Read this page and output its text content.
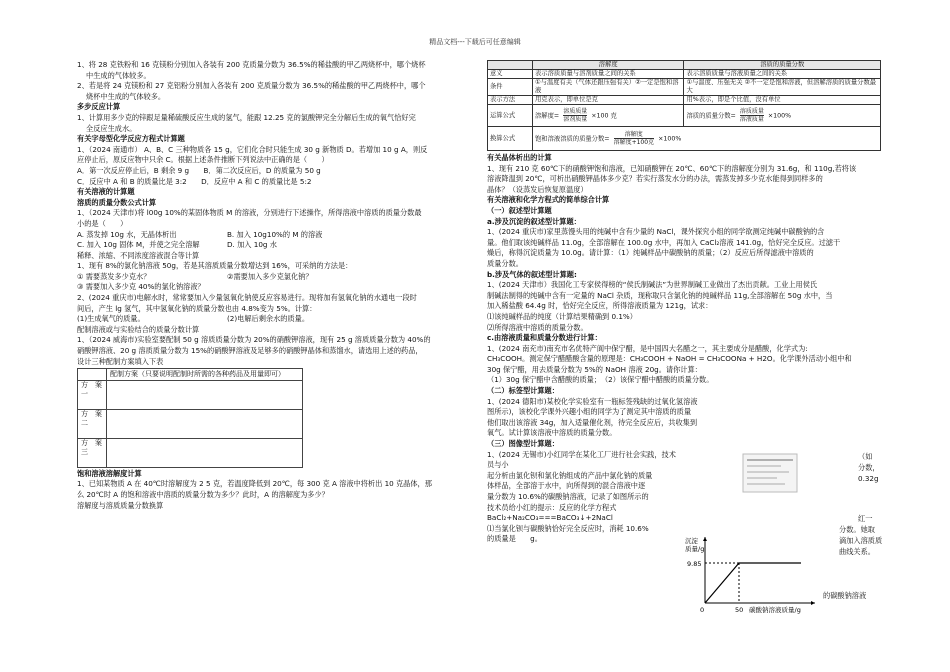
精品文档---下载后可任意编辑

1、将 28 克铁粉和 16 克镁粉分别加入各装有 200 克质量分数为 36.5%的稀盐酸的甲乙两烧杯中，哪个烧杯

中生成的气体较多。

2、若是将 24 克镁粉和 27 克铝粉分别加入各装有 200 克质量分数为 36.5%的稀盐酸的甲乙两烧杯中，哪个

烧杯中生成的气体较多。

多步反应计算

1、计算用多少克的锌跟足量稀硫酸反应生成的氢气，能跟 12.25 克的氯酸钾完全分解后生成的氧气恰好完

全反应生成水。

有关字母型化学反应方程式计算题

1、（2024 南通市） A、B、C 三种物质各 15 g，它们化合时只能生成 30 g 新物质 D。若增加 10 g A，则反

应停止后，原反应物中只余 C。根据上述条件推断下列说法中正确的是（　　）

A．第一次反应停止后，B 剩余 9 g　　B．第二次反应后，D 的质量为 50 g

C．反应中 A 和 B 的质量比是 3:2　　D．反应中 A 和 C 的质量比是 5:2

有关溶液的计算题

溶质的质量分数公式计算

1、（2024 天津市)将 l00g 10%的某固体物质 M 的溶液，分别进行下述操作，所得溶液中溶质的质量分数最

小的是（　　）

A. 蒸发掉 10g 水，无晶体析出	B. 加入 10g10%的 M 的溶液
C. 加入 10g 固体 M，并使之完全溶解	D. 加入 10g 水

稀释、浓缩、不同浓度溶液混合等计算

1、现有 8%的氯化钠溶液 50g，若是其溶质质量分数增达到 16%，可采纳的方法是：

① 需要蒸发多少克水？	②需要加入多少克氯化钠？

③ 需要加入多少克 40%的氯化钠溶液？

2、(2024 重庆市)电解水时，常常要加入少量氢氧化钠使反应容易进行。现将加有氢氧化钠的水通电一段时

间后，产生 lg 氢气，其中氢氧化钠的质量分数也由 4.8%变为 5%。计算：

(1)生成氧气的质量。	(2)电解后剩余水的质量。

配制溶液或与实验结合的质量分数计算

1、（2024 威海市)实验室要配制 50 g 溶质质量分数为 20%的硝酸钾溶液，现有 25 g 溶质质量分数为 40%的

硝酸钾溶液、20 g 溶质质量分数为 15%的硝酸钾溶液及足够多的硝酸钾晶体和蒸馏水，请选用上述的药品，

设计三种配制方案填入下表

	配制方案（只要说明配制时所需的各种药品及用量即可）
方　案　一	
方　案　二	
方　案　三	

饱和溶液溶解度计算

1、已知某物质 A 在 40℃时溶解度为 2 5 克，若温度降低到 20℃，每 300 克 A 溶液中将析出 10 克晶体，那

么 20℃时 A 的饱和溶液中溶质的质量分数为多少？此时，A 的溶解度为多少？

溶解度与溶质质量分数换算

	溶解度	溶质的质量分数
意义	表示溶质质量与溶剂质量之间的关系	表示溶质质量与溶液质量之间的关系
条件	①与温度有关（气体还跟压强有关）②一定是饱和溶液	①与温度、压强无关 ②不一定是饱和溶液，但溶解溶质的质量分数最大
表示方法	用克表示，即单位是克	用%表示，即是个比值，没有单位
运算公式	溶解度= $\frac{\text{溶质质量}}{\text{溶剂质量}} \times 100$ 克	溶质的质量分数= $\frac{\text{溶质质量}}{\text{溶液质量}} \times 100\%$
换算公式	饱和溶液溶质的质量分数= $\frac{\text{溶解度}}{\text{溶解度+100克}} \times 100\%$	

有关晶体析出的计算

1、现有 210 克 60℃下的硝酸钾饱和溶液，已知硝酸钾在 20℃、60℃下的溶解度分别为 31.6g，和 110g,若将该

溶液降温到 20℃，可析出硝酸钾晶体多少克？若实行蒸发水分的办法，需蒸发掉多少克水能得到同样多的

晶体？（设蒸发后恢复原温度）

有关溶液和化学方程式的简单综合计算

（一）叙述型计算题

a.涉及沉淀的叙述型计算题：

1、(2024 重庆市)家里蒸馒头用的纯碱中含有少量的 NaCl，课外探究小组的同学欲测定纯碱中碳酸钠的含

量。他们取该纯碱样品 11.0g，全部溶解在 100.0g 水中，再加入 CaCl₂溶液 141.0g，恰好完全反应。过滤干

燥后，称得沉淀质量为 10.0g。请计算：（1）纯碱样品中碳酸钠的质量；（2）反应后所得滤液中溶质的

质量分数。

b.涉及气体的叙述型计算题:

1、(2024 天津市）我国化工专家侯得榜的“侯氏制碱法”为世界制碱工业做出了杰出贡献。工业上用侯氏

制碱法制得的纯碱中含有一定量的 NaCl 杂质，现称取只含氯化钠的纯碱样品 11g,全部溶解在 50g 水中，当

加入稀盐酸 64.4g 时，恰好完全反应，所得溶液质量为 121g，试求：

⑴该纯碱样品的纯度（计算结果精确到 0.1%）

⑵所得溶液中溶质的质量分数。

c.由溶液质量和质量分数进行计算：

1、(2024 南充市)南充市名优特产阆中保宁醋，是中国四大名醋之一，其主要成分是醋酸，化学式为:

CH₃COOH。测定保宁醋醋酸含量的原理是：CH₃COOH + NaOH = CH₃COONa + H2O。化学课外活动小组中和

30g 保宁醋，用去质量分数为 5%的 NaOH 溶液 20g。请你计算：

（1）30g 保宁醋中含醋酸的质量；　（2）该保宁醋中醋酸的质量分数。

（二）标签型计算题：

1、(2024 德阳市)某校化学实验室有一瓶标签残缺的过氧化氢溶液

图所示)，该校化学课外兴趣小组的同学为了测定其中溶质的质量

他们取出该溶液 34g，加入适量催化剂，待完全反应后，共收集到

氧气。试计算该溶液中溶质的质量分数。

（三）图像型计算题：

1、(2024 无锡市)小红同学在某化工厂进行社会实践，技术员与小

起分析由氯化钡和氯化钠组成的产品中氯化钠的质量

体样品，全部溶于水中，向所得到的混合溶液中逐

量分数为 10.6%的碳酸钠溶液，记录了如图所示的

技术员给小红的提示：反应的化学方程式

BaCl₂+Na₂CO₃===BaCO₃↓+2NaCl

⑴当氯化钡与碳酸钠恰好完全反应时，消耗 10.6%

的质量是　　g。

（如
分数，
0.32g
红一
分数。她取
滴加入溶质质
曲线关系。
的碳酸钠溶液
9.85
0	50 碳酸钠溶液质量/g
沉淀
质量/g
